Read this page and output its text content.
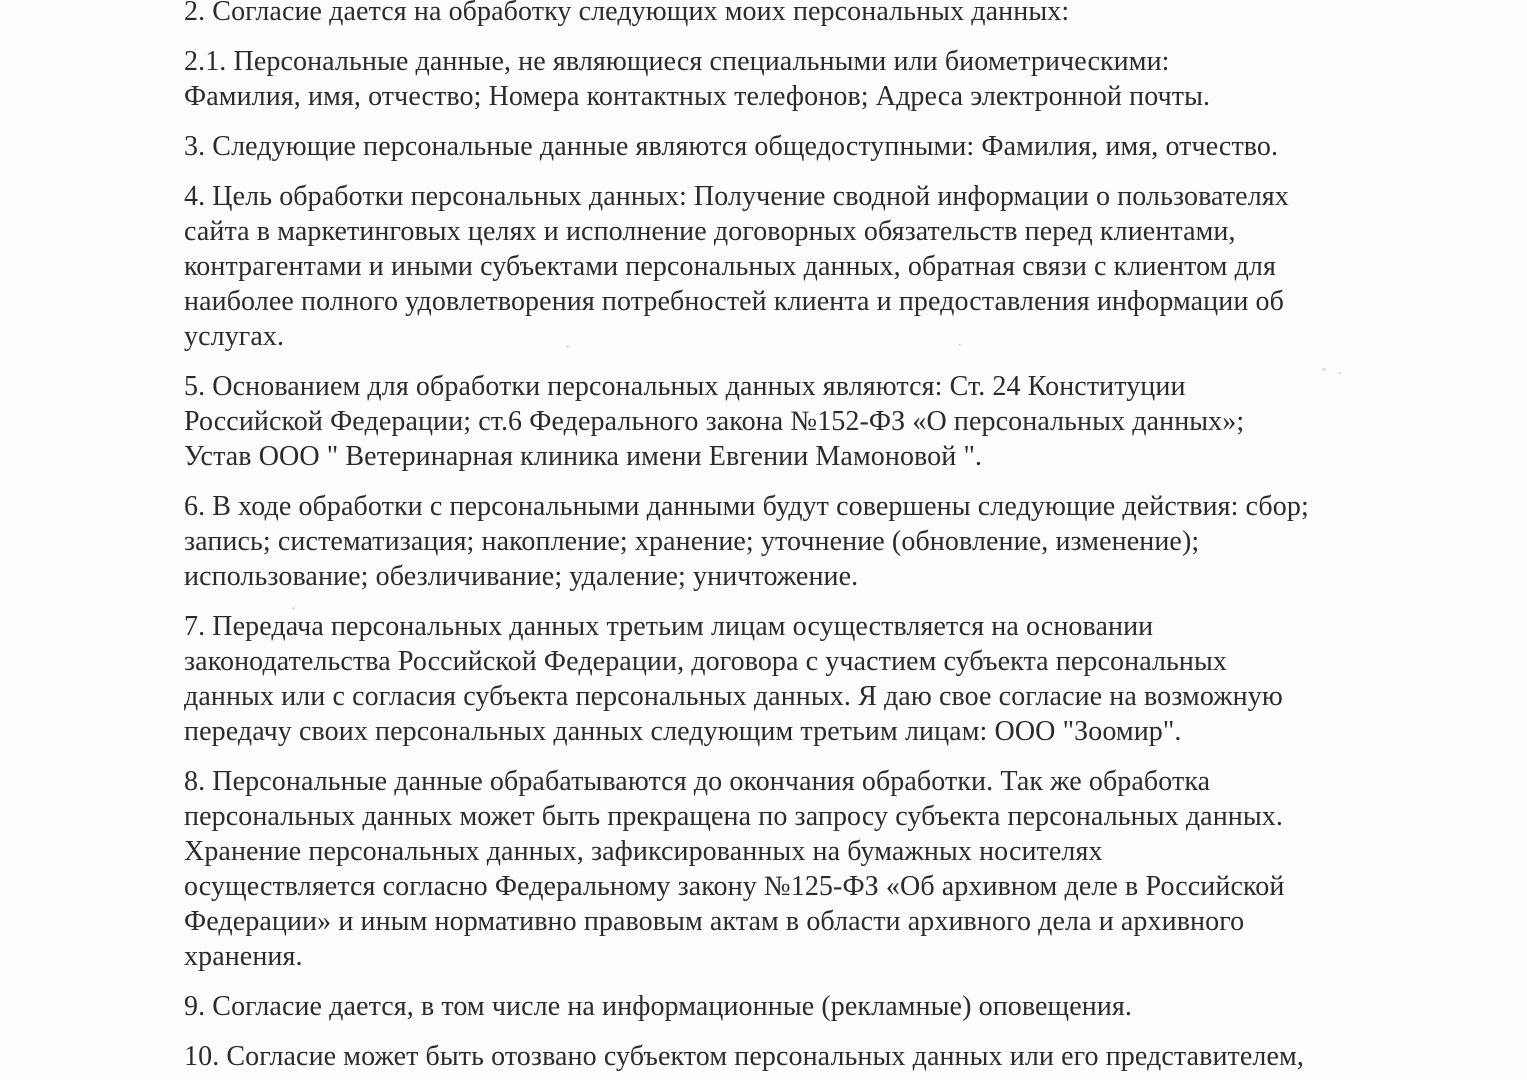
2. Согласие дается на обработку следующих моих персональных данных:
2.1. Персональные данные, не являющиеся специальными или биометрическими:
Фамилия, имя, отчество; Номера контактных телефонов; Адреса электронной почты.
3. Следующие персональные данные являются общедоступными: Фамилия, имя, отчество.
4. Цель обработки персональных данных: Получение сводной информации о пользователях
сайта в маркетинговых целях и исполнение договорных обязательств перед клиентами,
контрагентами и иными субъектами персональных данных, обратная связи с клиентом для
наиболее полного удовлетворения потребностей клиента и предоставления информации об
услугах.
5. Основанием для обработки персональных данных являются: Ст. 24 Конституции
Российской Федерации; ст.6 Федерального закона №152-ФЗ «О персональных данных»;
Устав ООО " Ветеринарная клиника имени Евгении Мамоновой ".
6. В ходе обработки с персональными данными будут совершены следующие действия: сбор;
запись; систематизация; накопление; хранение; уточнение (обновление, изменение);
использование; обезличивание; удаление; уничтожение.
7. Передача персональных данных третьим лицам осуществляется на основании
законодательства Российской Федерации, договора с участием субъекта персональных
данных или с согласия субъекта персональных данных. Я даю свое согласие на возможную
передачу своих персональных данных следующим третьим лицам: ООО "Зоомир".
8. Персональные данные обрабатываются до окончания обработки. Так же обработка
персональных данных может быть прекращена по запросу субъекта персональных данных.
Хранение персональных данных, зафиксированных на бумажных носителях
осуществляется согласно Федеральному закону №125-ФЗ «Об архивном деле в Российской
Федерации» и иным нормативно правовым актам в области архивного дела и архивного
хранения.
9. Согласие дается, в том числе на информационные (рекламные) оповещения.
10. Согласие может быть отозвано субъектом персональных данных или его представителем,
